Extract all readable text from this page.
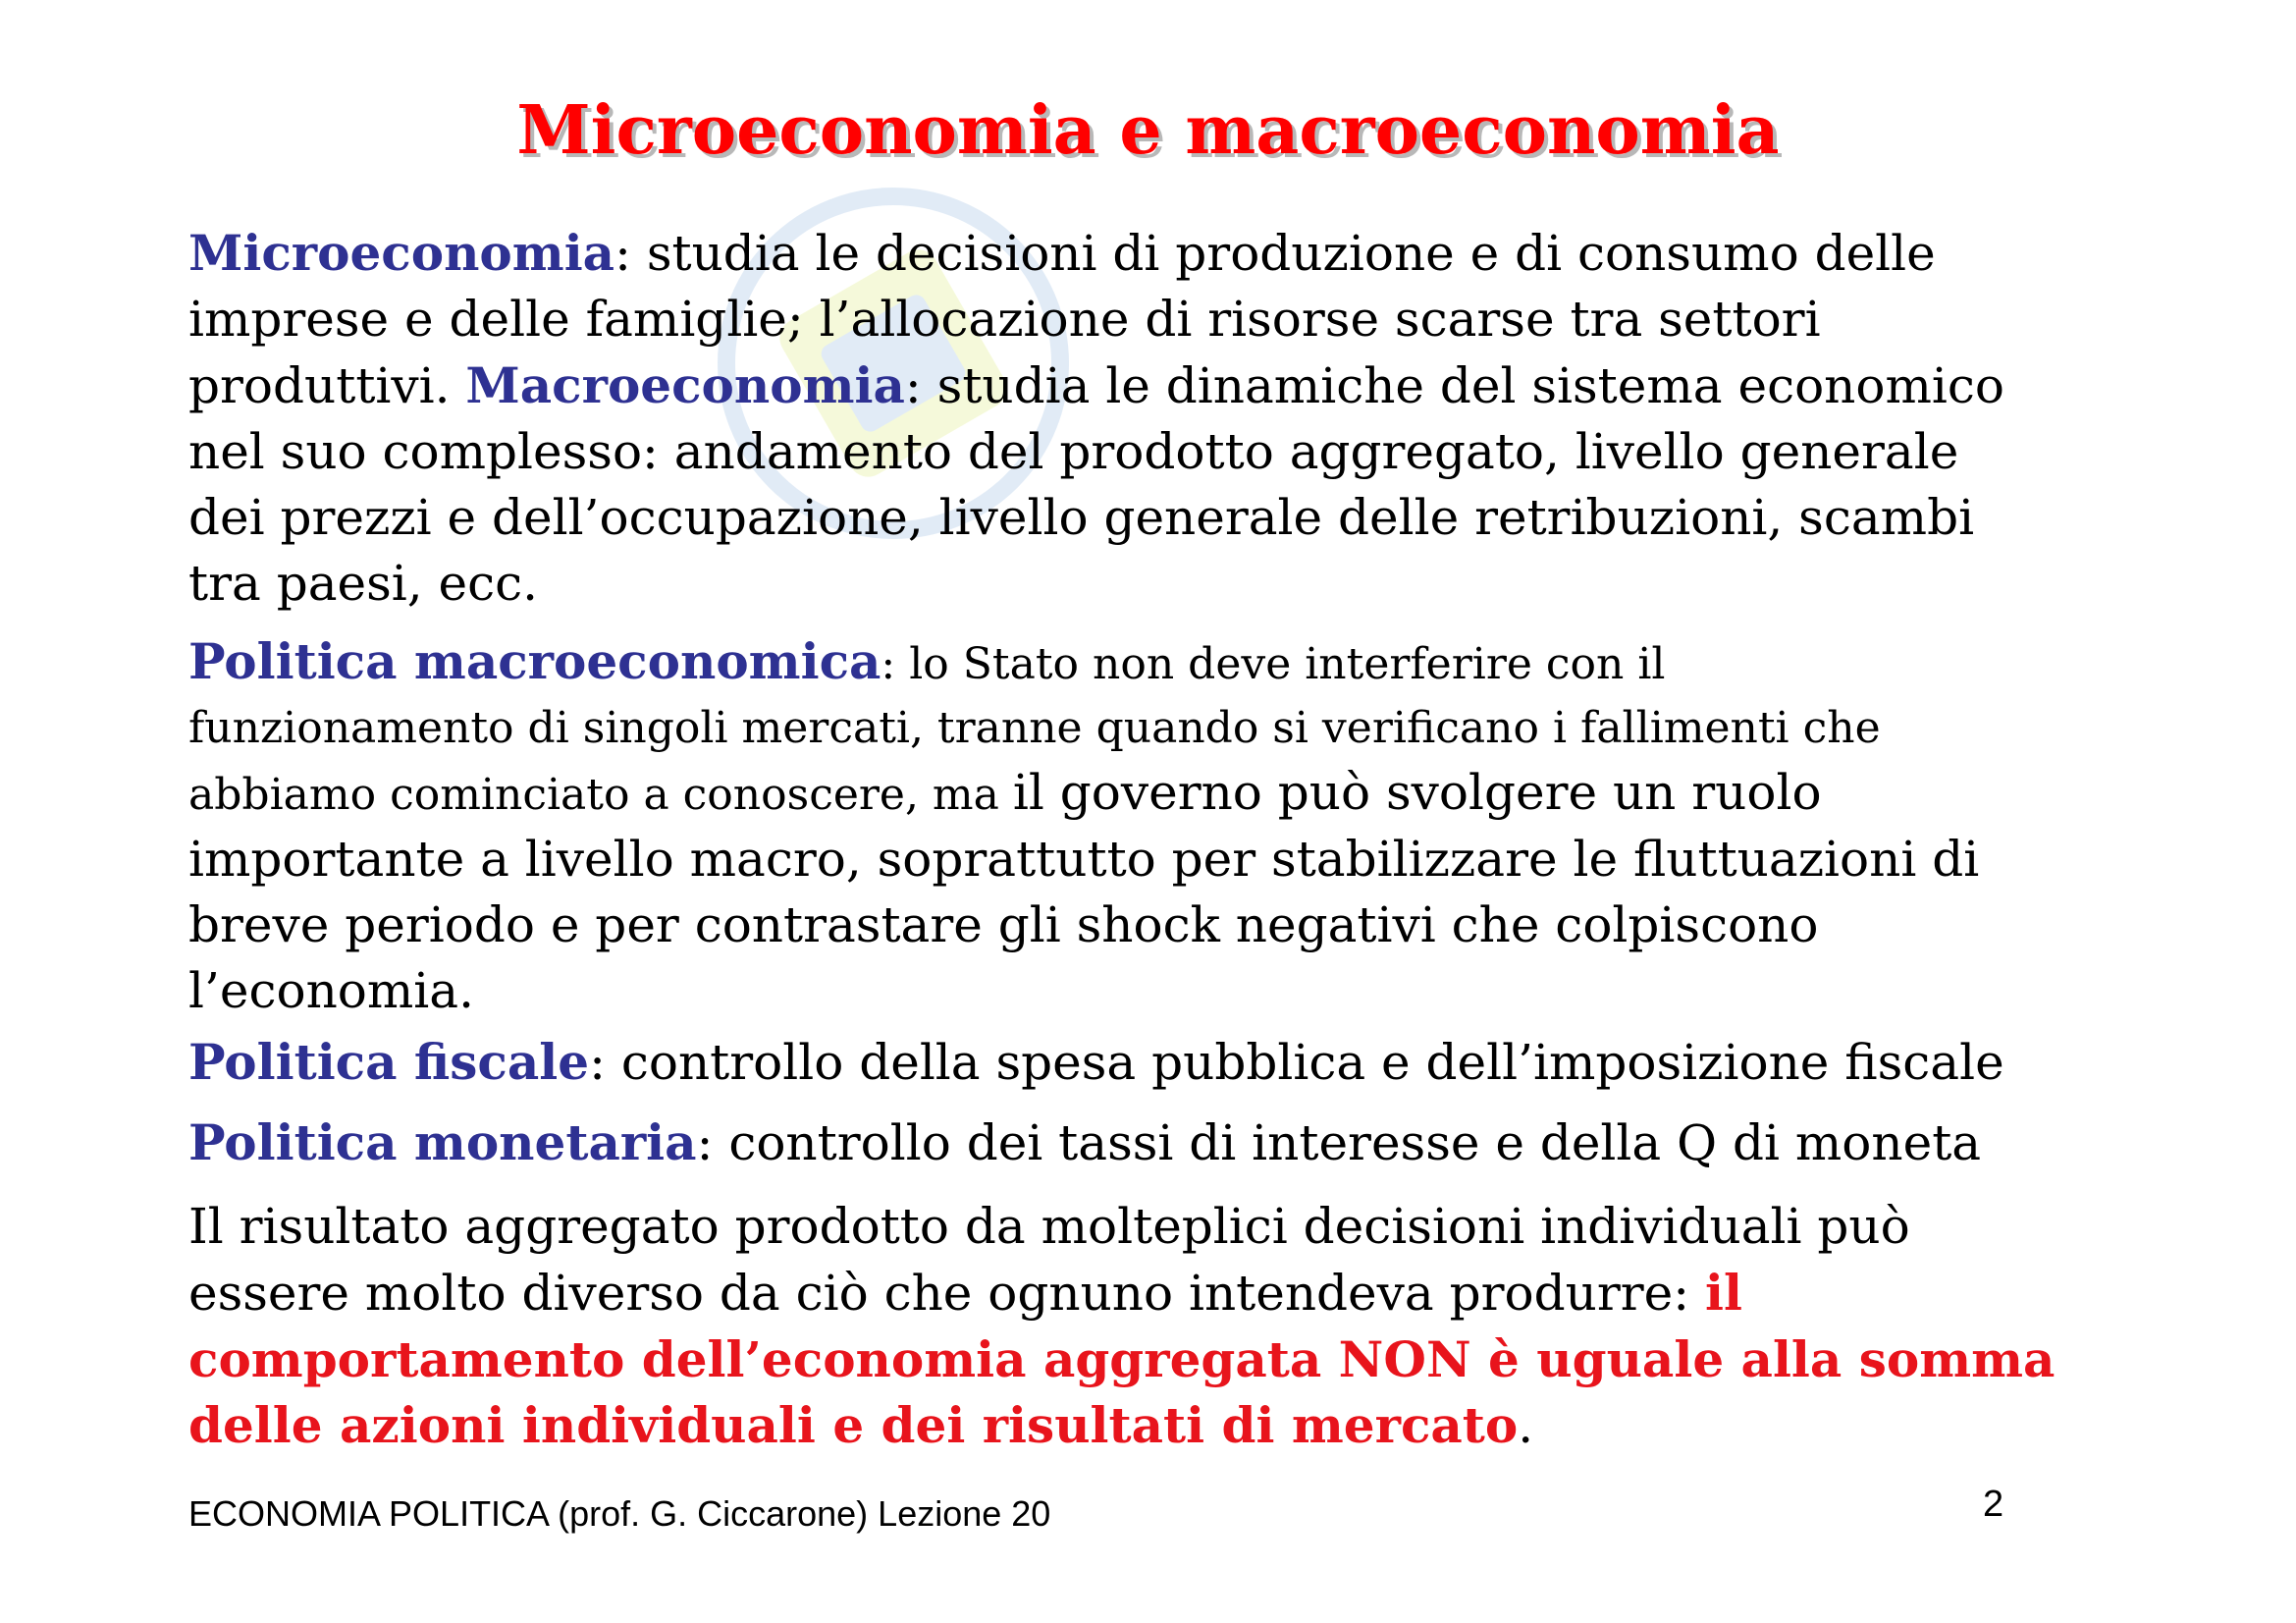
Microeconomia e macroeconomia
Microeconomia: studia le decisioni di produzione e di consumo delle
imprese e delle famiglie; l’allocazione di risorse scarse tra settori
produttivi. Macroeconomia: studia le dinamiche del sistema economico
nel suo complesso: andamento del prodotto aggregato, livello generale
dei prezzi e dell’occupazione, livello generale delle retribuzioni, scambi
tra paesi, ecc.
Politica macroeconomica: lo Stato non deve interferire con il
funzionamento di singoli mercati, tranne quando si verificano i fallimenti che
abbiamo cominciato a conoscere, ma il governo può svolgere un ruolo
importante a livello macro, soprattutto per stabilizzare le fluttuazioni di
breve periodo e per contrastare gli shock negativi che colpiscono
l’economia.
Politica fiscale: controllo della spesa pubblica e dell’imposizione fiscale
Politica monetaria: controllo dei tassi di interesse e della Q di moneta
Il risultato aggregato prodotto da molteplici decisioni individuali può
essere molto diverso da ciò che ognuno intendeva produrre: il
comportamento dell’economia aggregata NON è uguale alla somma
delle azioni individuali e dei risultati di mercato.
ECONOMIA POLITICA (prof. G. Ciccarone) Lezione 20	2
